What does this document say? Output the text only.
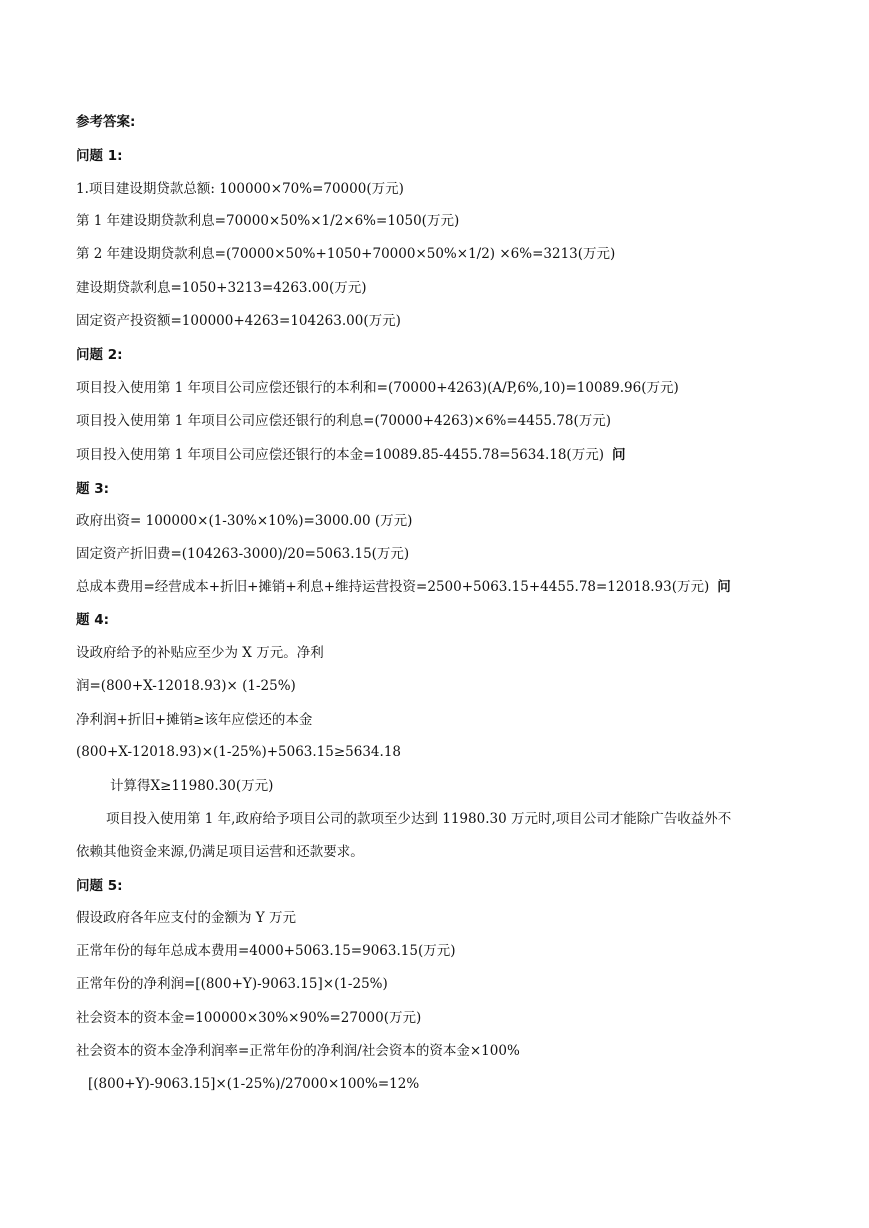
参考答案:
问题 1:
1.项目建设期贷款总额: 100000×70%=70000(万元)
第 1 年建设期贷款利息=70000×50%×1/2×6%=1050(万元)
第 2 年建设期贷款利息=(70000×50%+1050+70000×50%×1/2) ×6%=3213(万元)
建设期贷款利息=1050+3213=4263.00(万元)
固定资产投资额=100000+4263=104263.00(万元)
问题 2:
项目投入使用第 1 年项目公司应偿还银行的本利和=(70000+4263)(A/P,6%,10)=10089.96(万元)
项目投入使用第 1 年项目公司应偿还银行的利息=(70000+4263)×6%=4455.78(万元)
项目投入使用第 1 年项目公司应偿还银行的本金=10089.85-4455.78=5634.18(万元) 问
题 3:
政府出资= 100000×(1-30%×10%)=3000.00 (万元)
固定资产折旧费=(104263-3000)/20=5063.15(万元)
总成本费用=经营成本+折旧+摊销+利息+维持运营投资=2500+5063.15+4455.78=12018.93(万元) 问
题 4:
设政府给予的补贴应至少为 X 万元。净利
润=(800+X-12018.93)× (1-25%)
净利润+折旧+摊销≥该年应偿还的本金
(800+X-12018.93)×(1-25%)+5063.15≥5634.18
计算得X≥11980.30(万元)
项目投入使用第 1 年,政府给予项目公司的款项至少达到 11980.30 万元时,项目公司才能除广告收益外不
依赖其他资金来源,仍满足项目运营和还款要求。
问题 5:
假设政府各年应支付的金额为 Y 万元
正常年份的每年总成本费用=4000+5063.15=9063.15(万元)
正常年份的净利润=[(800+Y)-9063.15]×(1-25%)
社会资本的资本金=100000×30%×90%=27000(万元)
社会资本的资本金净利润率=正常年份的净利润/社会资本的资本金×100%
[(800+Y)-9063.15]×(1-25%)/27000×100%=12%
